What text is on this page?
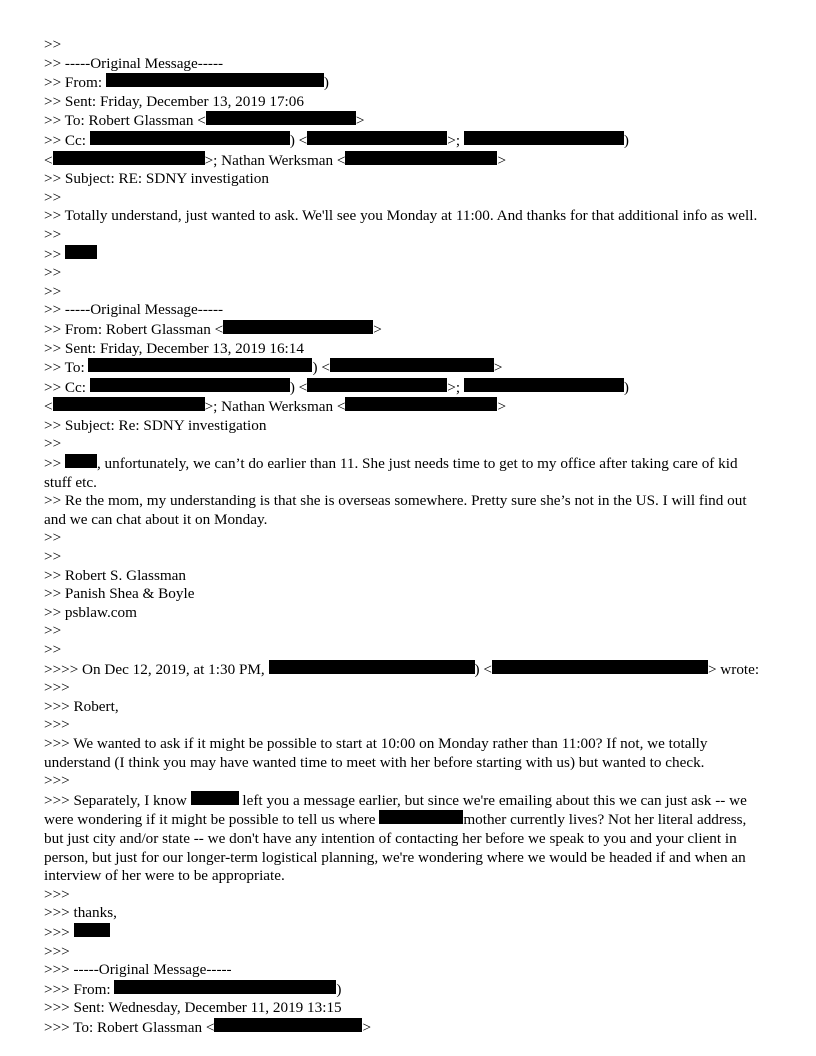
>>
>> -----Original Message-----
>> From:	)
>> Sent: Friday, December 13, 2019 17:06
>> To: Robert Glassman <	>
>> Cc:	) <	>;	)
<	>; Nathan Werksman <	>
>> Subject: RE: SDNY investigation
>>
>> Totally understand, just wanted to ask. We'll see you Monday at 11:00. And thanks for that additional info as well.
>>
>>
>>
>>
>> -----Original Message-----
>> From: Robert Glassman <	>
>> Sent: Friday, December 13, 2019 16:14
>> To:	) <	>
>> Cc:	) <	>;	)
<	>; Nathan Werksman <	>
>> Subject: Re: SDNY investigation
>>
>> , unfortunately, we can’t do earlier than 11. She just needs time to get to my office after taking care of kid stuff etc.
>> Re the mom, my understanding is that she is overseas somewhere. Pretty sure she’s not in the US. I will find out and we can chat about it on Monday.
>>
>>
>> Robert S. Glassman
>> Panish Shea & Boyle
>> psblaw.com
>>
>>
>>>> On Dec 12, 2019, at 1:30 PM,	) <	> wrote:
>>>
>>> Robert,
>>>
>>> We wanted to ask if it might be possible to start at 10:00 on Monday rather than 11:00? If not, we totally understand (I think you may have wanted time to meet with her before starting with us) but wanted to check.
>>>
>>> Separately, I know	left you a message earlier, but since we're emailing about this we can just ask -- we were wondering if it might be possible to tell us where	mother currently lives? Not her literal address, but just city and/or state -- we don't have any intention of contacting her before we speak to you and your client in person, but just for our longer-term logistical planning, we're wondering where we would be headed if and when an interview of her were to be appropriate.
>>>
>>> thanks,
>>>
>>>
>>> -----Original Message-----
>>> From:	)
>>> Sent: Wednesday, December 11, 2019 13:15
>>> To: Robert Glassman <	>
